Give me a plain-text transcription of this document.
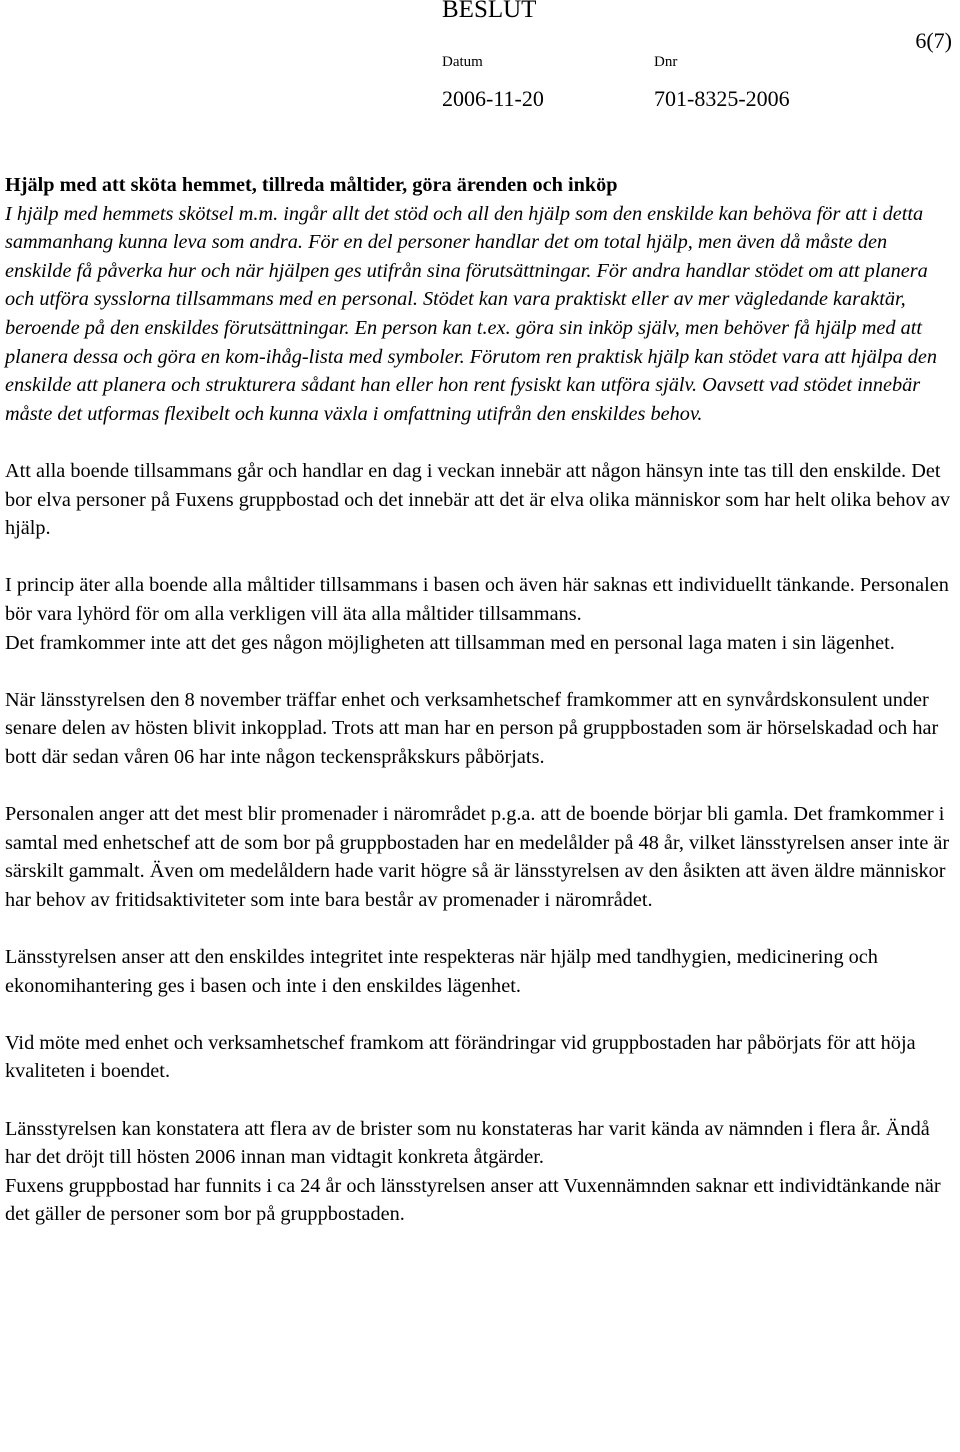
BESLUT
6(7)
Datum	Dnr
2006-11-20	701-8325-2006

Hjälp med att sköta hemmet, tillreda måltider, göra ärenden och inköp

I hjälp med hemmets skötsel m.m. ingår allt det stöd och all den hjälp som den enskilde kan behöva för att i detta sammanhang kunna leva som andra. För en del personer handlar det om total hjälp, men även då måste den enskilde få påverka hur och när hjälpen ges utifrån sina förutsättningar. För andra handlar stödet om att planera och utföra sysslorna tillsammans med en personal. Stödet kan vara praktiskt eller av mer vägledande karaktär, beroende på den enskildes förutsättningar. En person kan t.ex. göra sin inköp själv, men behöver få hjälp med att planera dessa och göra en kom-ihåg-lista med symboler. Förutom ren praktisk hjälp kan stödet vara att hjälpa den enskilde att planera och strukturera sådant han eller hon rent fysiskt kan utföra själv. Oavsett vad stödet innebär måste det utformas flexibelt och kunna växla i omfattning utifrån den enskildes behov.

Att alla boende tillsammans går och handlar en dag i veckan innebär att någon hänsyn inte tas till den enskilde. Det bor elva personer på Fuxens gruppbostad och det innebär att det är elva olika människor som har helt olika behov av hjälp.

I princip äter alla boende alla måltider tillsammans i basen och även här saknas ett individuellt tänkande. Personalen bör vara lyhörd för om alla verkligen vill äta alla måltider tillsammans.

Det framkommer inte att det ges någon möjligheten att tillsamman med en personal laga maten i sin lägenhet.

När länsstyrelsen den 8 november träffar enhet och verksamhetschef framkommer att en synvårdskonsulent under senare delen av hösten blivit inkopplad. Trots att man har en person på gruppbostaden som är hörselskadad och har bott där sedan våren 06 har inte någon teckenspråkskurs påbörjats.

Personalen anger att det mest blir promenader i närområdet p.g.a. att de boende börjar bli gamla. Det framkommer i samtal med enhetschef att de som bor på gruppbostaden har en medelålder på 48 år, vilket länsstyrelsen anser inte är särskilt gammalt. Även om medelåldern hade varit högre så är länsstyrelsen av den åsikten att även äldre människor har behov av fritidsaktiviteter som inte bara består av promenader i närområdet.

Länsstyrelsen anser att den enskildes integritet inte respekteras när hjälp med tandhygien, medicinering och ekonomihantering ges i basen och inte i den enskildes lägenhet.

Vid möte med enhet och verksamhetschef framkom att förändringar vid gruppbostaden har påbörjats för att höja kvaliteten i boendet.

Länsstyrelsen kan konstatera att flera av de brister som nu konstateras har varit kända av nämnden i flera år. Ändå har det dröjt till hösten 2006 innan man vidtagit konkreta åtgärder.

Fuxens gruppbostad har funnits i ca 24 år och länsstyrelsen anser att Vuxennämnden saknar ett individtänkande när det gäller de personer som bor på gruppbostaden.
